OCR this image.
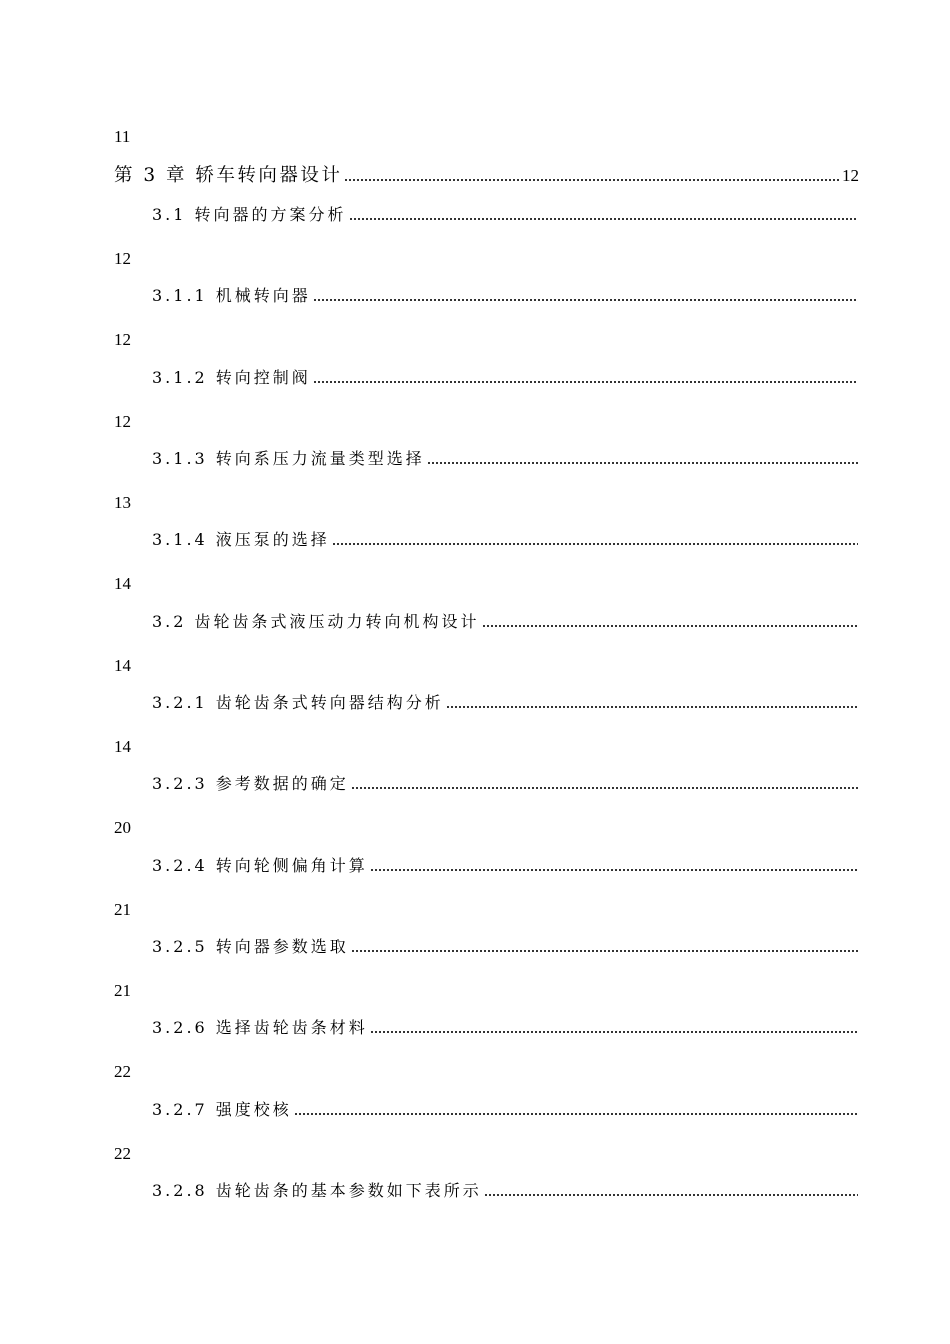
11
第 3 章 轿车转向器设计	12
3.1 转向器的方案分析
12
3.1.1 机械转向器
12
3.1.2 转向控制阀
12
3.1.3 转向系压力流量类型选择
13
3.1.4 液压泵的选择
14
3.2 齿轮齿条式液压动力转向机构设计
14
3.2.1 齿轮齿条式转向器结构分析
14
3.2.3 参考数据的确定
20
3.2.4 转向轮侧偏角计算
21
3.2.5 转向器参数选取
21
3.2.6 选择齿轮齿条材料
22
3.2.7 强度校核
22
3.2.8 齿轮齿条的基本参数如下表所示
